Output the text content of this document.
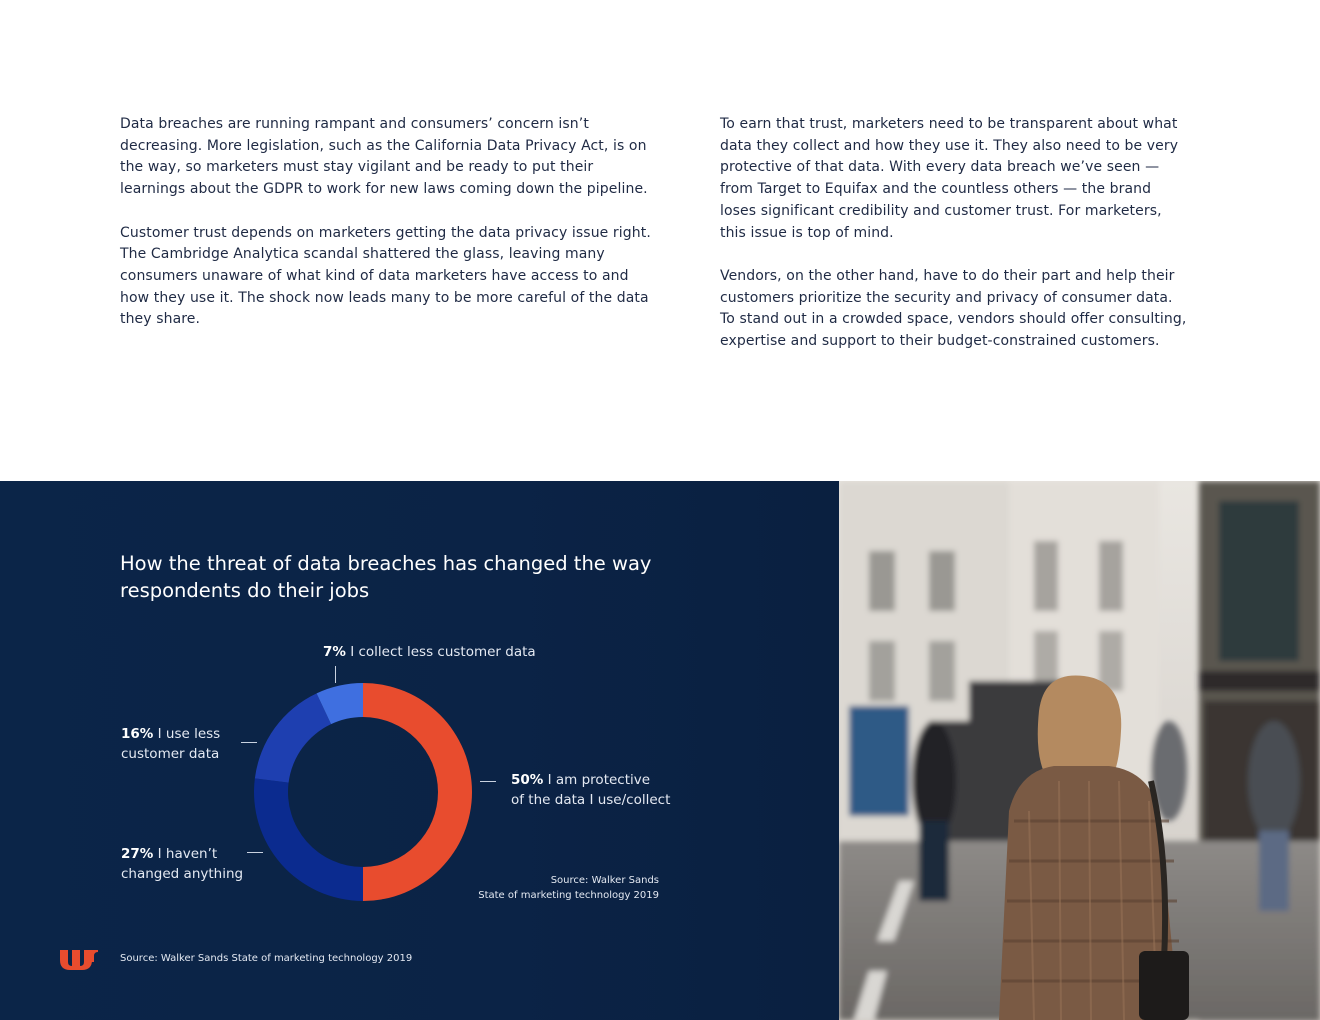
Data breaches are running rampant and consumers’ concern isn’t decreasing. More legislation, such as the California Data Privacy Act, is on the way, so marketers must stay vigilant and be ready to put their learnings about the GDPR to work for new laws coming down the pipeline.

Customer trust depends on marketers getting the data privacy issue right. The Cambridge Analytica scandal shattered the glass, leaving many consumers unaware of what kind of data marketers have access to and how they use it. The shock now leads many to be more careful of the data they share.

To earn that trust, marketers need to be transparent about what data they collect and how they use it. They also need to be very protective of that data. With every data breach we’ve seen — from Target to Equifax and the countless others — the brand loses significant credibility and customer trust. For marketers, this issue is top of mind.

Vendors, on the other hand, have to do their part and help their customers prioritize the security and privacy of consumer data. To stand out in a crowded space, vendors should offer consulting, expertise and support to their budget-constrained customers.

How the threat of data breaches has changed the way respondents do their jobs
7% I collect less customer data
16% I use less
customer data
27% I haven’t
changed anything
50% I am protective
of the data I use/collect
Source: Walker Sands
State of marketing technology 2019
Source: Walker Sands State of marketing technology 2019
